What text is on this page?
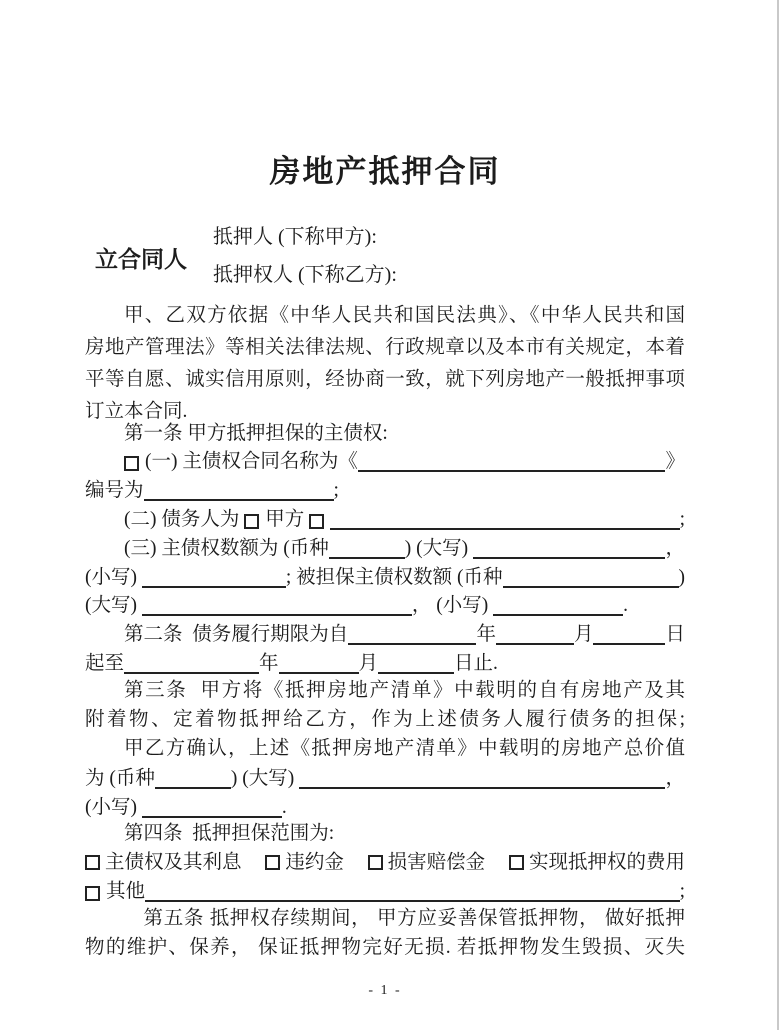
房地产抵押合同
立合同人
抵押人 (下称甲方):
抵押权人 (下称乙方):
甲、乙双方依据《中华人民共和国民法典》、《中华人民共和国
房地产管理法》等相关法律法规、行政规章以及本市有关规定，本着
平等自愿、诚实信用原则，经协商一致，就下列房地产一般抵押事项
订立本合同.
第一条 甲方抵押担保的主债权:
(一) 主债权合同名称为《	》
编号为	;
(二) 债务人为 甲方	;
(三) 主债权数额为 (币种	) (大写)	，
(小写)	; 被担保主债权数额 (币种	)
(大写)	， (小写)	.
第二条  债务履行期限为自	年	月	日
起至	年	月	日止.
第三条  甲方将《抵押房地产清单》中载明的自有房地产及其
附着物、定着物抵押给乙方，作为上述债务人履行债务的担保;
甲乙方确认，上述《抵押房地产清单》中载明的房地产总价值
为 (币种	) (大写)	，
(小写)	.
第四条  抵押担保范围为:
主债权及其利息 违约金 损害赔偿金 实现抵押权的费用
其他	;
第五条 抵押权存续期间， 甲方应妥善保管抵押物， 做好抵押
物的维护、保养， 保证抵押物完好无损. 若抵押物发生毁损、灭失
- 1 -
